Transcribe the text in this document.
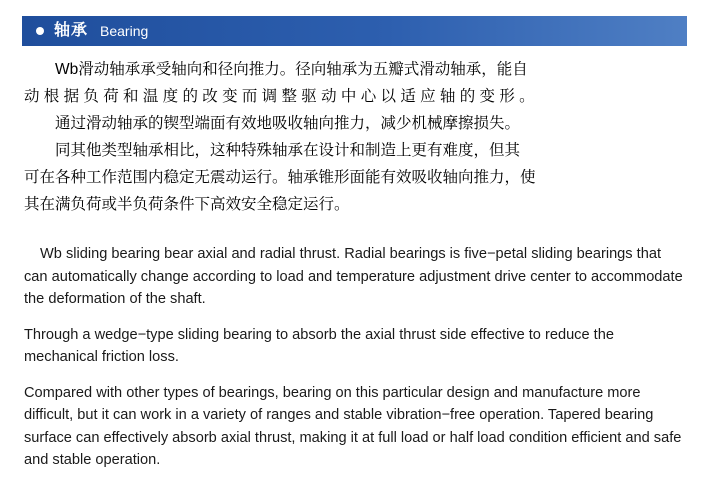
轴承 Bearing

Wb滑动轴承承受轴向和径向推力。径向轴承为五瓣式滑动轴承，能自

动 根 据 负 荷 和 温 度 的 改 变 而 调 整 驱 动 中 心 以 适 应 轴 的 变 形 。

通过滑动轴承的锲型端面有效地吸收轴向推力，减少机械摩擦损失。

同其他类型轴承相比，这种特殊轴承在设计和制造上更有难度，但其

可在各种工作范围内稳定无震动运行。轴承锥形面能有效吸收轴向推力，使

其在满负荷或半负荷条件下高效安全稳定运行。

Wb sliding bearing bear axial and radial thrust. Radial bearings is five−petal sliding bearings that can automatically change according to load and temperature adjustment drive center to accommodate the deformation of the shaft.

Through a wedge−type sliding bearing to absorb the axial thrust side effective to reduce the mechanical friction loss.

Compared with other types of bearings, bearing on this particular design and manufacture more difficult, but it can work in a variety of ranges and stable vibration−free operation. Tapered bearing surface can effectively absorb axial thrust, making it at full load or half load condition efficient and safe and stable operation.
